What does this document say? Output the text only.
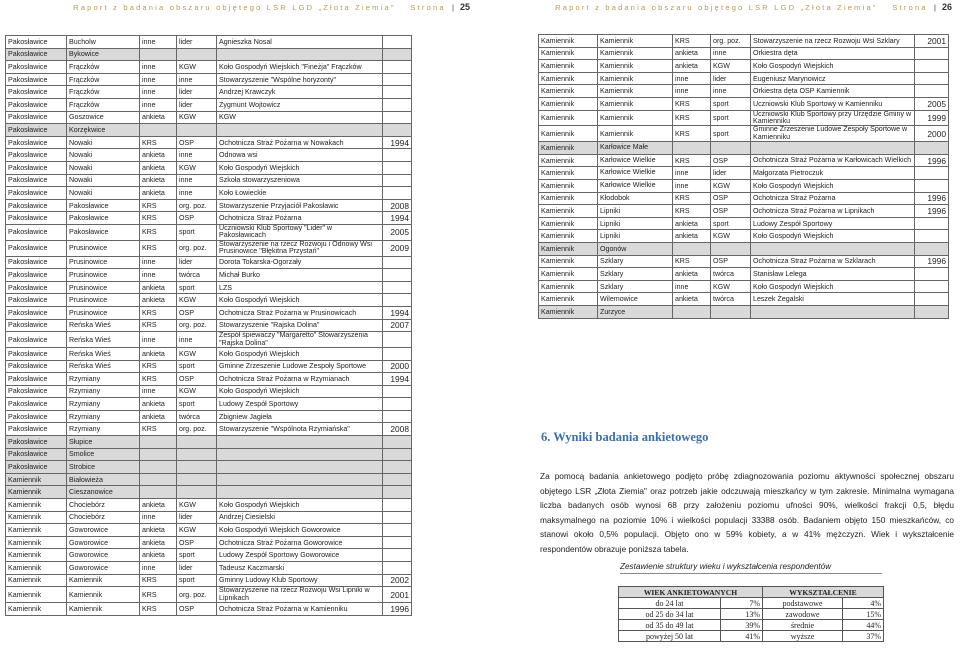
Raport z badania obszaru objętego LSR LGD „Złota Ziemia" Strona | 25
Pakosławice	Bucholw	inne	lider	Agnieszka Nosal	
Pakosławice	Bykowice				
Pakosławice	Frączków	inne	KGW	Koło Gospodyń Wiejskich "Fineżja" Frączków	
Pakosławice	Frączków	inne	inne	Stowarzyszenie "Wspólne horyzonty"	
Pakosławice	Frączków	inne	lider	Andrzej Krawczyk	
Pakosławice	Frączków	inne	lider	Zygmunt Wojtowicz	
Pakosławice	Goszowice	ankieta	KGW	KGW	
Pakosławice	Korzękwice				
Pakosławice	Nowaki	KRS	OSP	Ochotnicza Straż Pożarna w Nowakach	1994
Pakosławice	Nowaki	ankieta	inne	Odnowa wsi	
Pakosławice	Nowaki	ankieta	KGW	Koło Gospodyń Wiejskich	
Pakosławice	Nowaki	ankieta	inne	Szkoła stowarzyszeniowa	
Pakosławice	Nowaki	ankieta	inne	Koło Łowieckie	
Pakosławice	Pakosławice	KRS	org. poz.	Stowarzyszenie Przyjaciół Pakosławic	2008
Pakosławice	Pakosławice	KRS	OSP	Ochotnicza Straż Pożarna	1994
Pakosławice	Pakosławice	KRS	sport	Uczniowski Klub Sportowy "Lider" w Pakosławicach	2005
Pakosławice	Prusinowice	KRS	org. poz.	Stowarzyszenie na rzecz Rozwoju i Odnowy Wsi Prusinowice "Błękitna Przystań"	2009
Pakosławice	Prusinowice	inne	lider	Dorota Tokarska-Ogorzały	
Pakosławice	Prusinowice	inne	twórca	Michał Burko	
Pakosławice	Prusinowice	ankieta	sport	LZS	
Pakosławice	Prusinowice	ankieta	KGW	Koło Gospodyń Wiejskich	
Pakosławice	Prusinowice	KRS	OSP	Ochotnicza Straż Pożarna w Prusinowicach	1994
Pakosławice	Reńska Wieś	KRS	org. poz.	Stowarzyszenie "Rajska Dolina"	2007
Pakosławice	Reńska Wieś	inne	inne	Zespół śpiewaczy "Margaretto" Stowarzyszenia "Rajska Dolina"	
Pakosławice	Reńska Wieś	ankieta	KGW	Koło Gospodyń Wiejskich	
Pakosławice	Reńska Wieś	KRS	sport	Gminne Zrzeszenie Ludowe Zespoły Sportowe	2000
Pakosławice	Rzymiany	KRS	OSP	Ochotnicza Straż Pożarna w Rzymianach	1994
Pakosławice	Rzymiany	inne	KGW	Koło Gospodyń Wiejskich	
Pakosławice	Rzymiany	ankieta	sport	Ludowy Zespół Sportowy	
Pakosławice	Rzymiany	ankieta	twórca	Zbigniew Jagieła	
Pakosławice	Rzymiany	KRS	org. poz.	Stowarzyszenie "Wspólnota Rzymiańska"	2008
Pakosławice	Słupice				
Pakosławice	Smolice				
Pakosławice	Strobice				
Kamiennik	Białowieża				
Kamiennik	Cieszanowice				
Kamiennik	Chociebórz	ankieta	KGW	Koło Gospodyń Wiejskich	
Kamiennik	Chociebórz	inne	lider	Andrzej Ciesielski	
Kamiennik	Goworowice	ankieta	KGW	Koło Gospodyń Wiejskich Goworowice	
Kamiennik	Goworowice	ankieta	OSP	Ochotnicza Straż Pożarna Goworowice	
Kamiennik	Goworowice	ankieta	sport	Ludowy Zespół Sportowy Goworowice	
Kamiennik	Goworowice	inne	lider	Tadeusz Kaczmarski	
Kamiennik	Kamiennik	KRS	sport	Gminny Ludowy Klub Sportowy	2002
Kamiennik	Kamiennik	KRS	org. poz.	Stowarzyszenie na rzecz Rozwoju Wsi Lipniki w Lipnikach	2001
Kamiennik	Kamiennik	KRS	OSP	Ochotnicza Straż Pożarna w Kamienniku	1996
Raport z badania obszaru objętego LSR LGD „Złota Ziemia" Strona | 26
Kamiennik	Kamiennik	KRS	org. poz.	Stowarzyszenie na rzecz Rozwoju Wsi Szklary	2001
Kamiennik	Kamiennik	ankieta	inne	Orkiestra dęta	
Kamiennik	Kamiennik	ankieta	KGW	Koło Gospodyń Wiejskich	
Kamiennik	Kamiennik	inne	lider	Eugeniusz Marynowicz	
Kamiennik	Kamiennik	inne	inne	Orkiestra dęta OSP Kamiennik	
Kamiennik	Kamiennik	KRS	sport	Uczniowski Klub Sportowy w Kamienniku	2005
Kamiennik	Kamiennik	KRS	sport	Uczniowski Klub Sportowy przy Urzędzie Gminy w Kamienniku	1999
Kamiennik	Kamiennik	KRS	sport	Gminne Zrzeszenie Ludowe Zespoły Sportowe w Kamienniku	2000
Kamiennik	Karłowice Małe				
Kamiennik	Karłowice Wielkie	KRS	OSP	Ochotnicza Straż Pożarna w Karłowicach Wielkich	1996
Kamiennik	Karłowice Wielkie	inne	lider	Małgorzata Pietroczuk	
Kamiennik	Karłowice Wielkie	inne	KGW	Koło Gospodyń Wiejskich	
Kamiennik	Kłodobok	KRS	OSP	Ochotnicza Straż Pożarna	1996
Kamiennik	Lipniki	KRS	OSP	Ochotnicza Straż Pożarna w Lipnikach	1996
Kamiennik	Lipniki	ankieta	sport	Ludowy Zespół Sportowy	
Kamiennik	Lipniki	ankieta	KGW	Koło Gospodyń Wiejskich	
Kamiennik	Ogonów				
Kamiennik	Szklary	KRS	OSP	Ochotnicza Straż Pożarna w Szklarach	1996
Kamiennik	Szklary	ankieta	twórca	Stanisław Lelega	
Kamiennik	Szklary	inne	KGW	Koło Gospodyń Wiejskich	
Kamiennik	Wilemowice	ankieta	twórca	Leszek Żegalski	
Kamiennik	Zurzyce				
6. Wyniki badania ankietowego

Za pomocą badania ankietowego podjęto próbę zdiagnozowania poziomu aktywności społecznej obszaru objętego LSR „Złota Ziemia" oraz potrzeb jakie odczuwają mieszkańcy w tym zakresie. Minimalna wymagana liczba badanych osób wynosi 68 przy założeniu poziomu ufności 90%, wielkości frakcji 0,5, błędu maksymalnego na poziomie 10% i wielkości populacji 33388 osób. Badaniem objęto 150 mieszkańców, co stanowi około 0,5% populacji. Objęto ono w 59% kobiety, a w 41% mężczyzn. Wiek i wykształcenie respondentów obrazuje poniższa tabela.

Zestawienie struktury wieku i wykształcenia respondentów

WIEK ANKIETOWANYCH		WYKSZTAŁCENIE	
do 24 lat	7%	podstawowe	4%
od 25 do 34 lat	13%	zawodowe	15%
od 35 do 49 lat	39%	średnie	44%
powyżej 50 lat	41%	wyższe	37%
